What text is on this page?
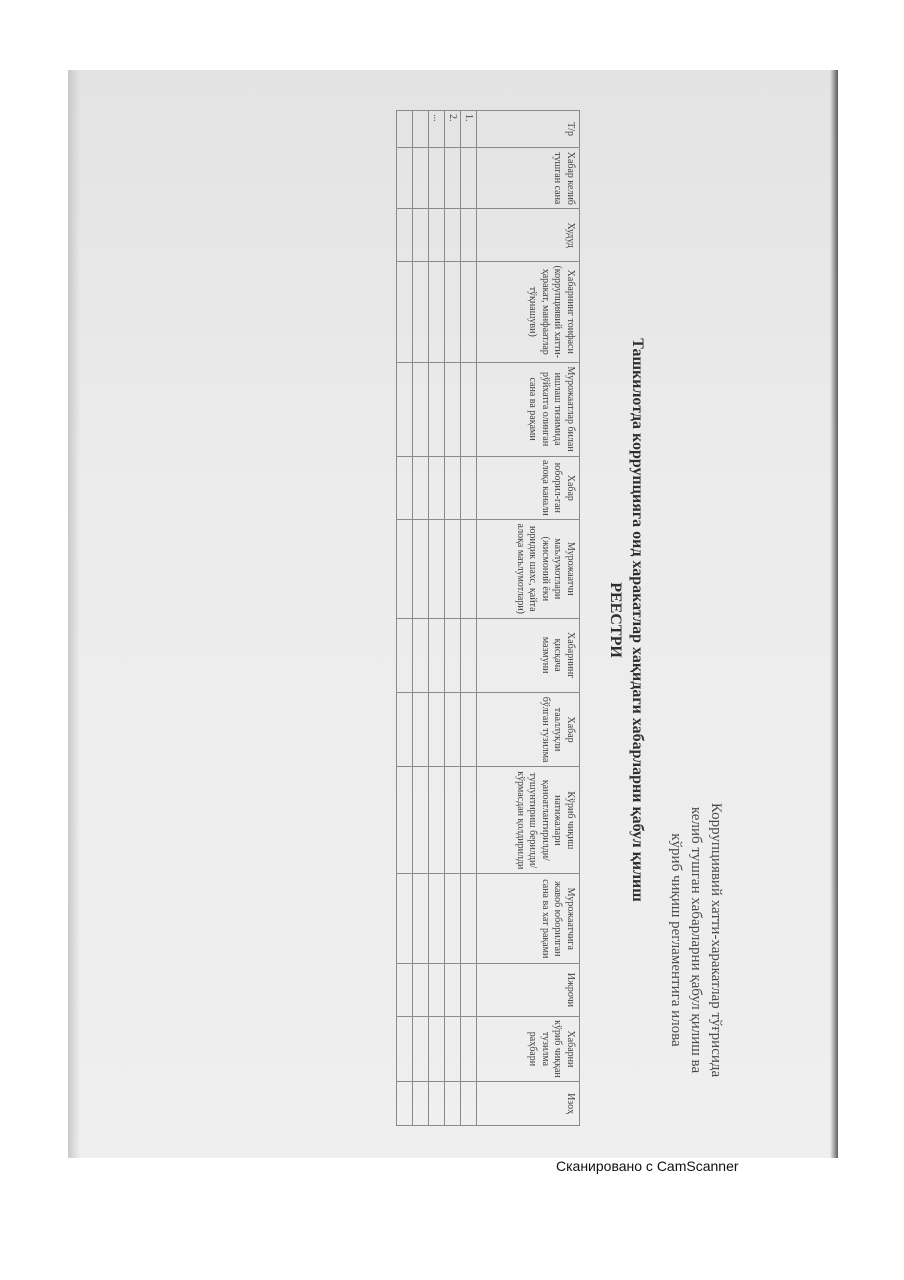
Коррупциявий хатти-харакатлар тўғрисида
келиб тушган хабарларни қабул қилиш ва
кўриб чиқиш регламентига илова
Ташкилотда коррупцияга оид харакатлар хақидаги хабарларни қабул қилиш
РЕЕСТРИ
Т/р	Хабар келиб тушган сана	Худуд	Хабарнинг тоифаси (коррупциявий хатти-ҳаракат, манфаатлар тўқнашуви)	Мурожаатлар билан ишлаш тизимида рўйхатга олинган сана ва рақами	Хабар юборил-ган алоқа канали	Мурожаатчи маълумотлари (жисмоний ёки юридик шахс, қайта алоқа маълумотлари)	Хабарнинг қисқача мазмуни	Хабар тааллуқли бўлган тузилма	Кўриб чиқиш натижалари қаноатлантирилди/ тушунтириш берилди/ кўрмасдан қолдирилди	Мурожаатчига жавоб юборилган сана ва хат рақами	Ижрочи	Хабарни кўриб чиққан тузилма раҳбари	Изоҳ
1.													
2.													
...													

Сканировано с CamScanner
